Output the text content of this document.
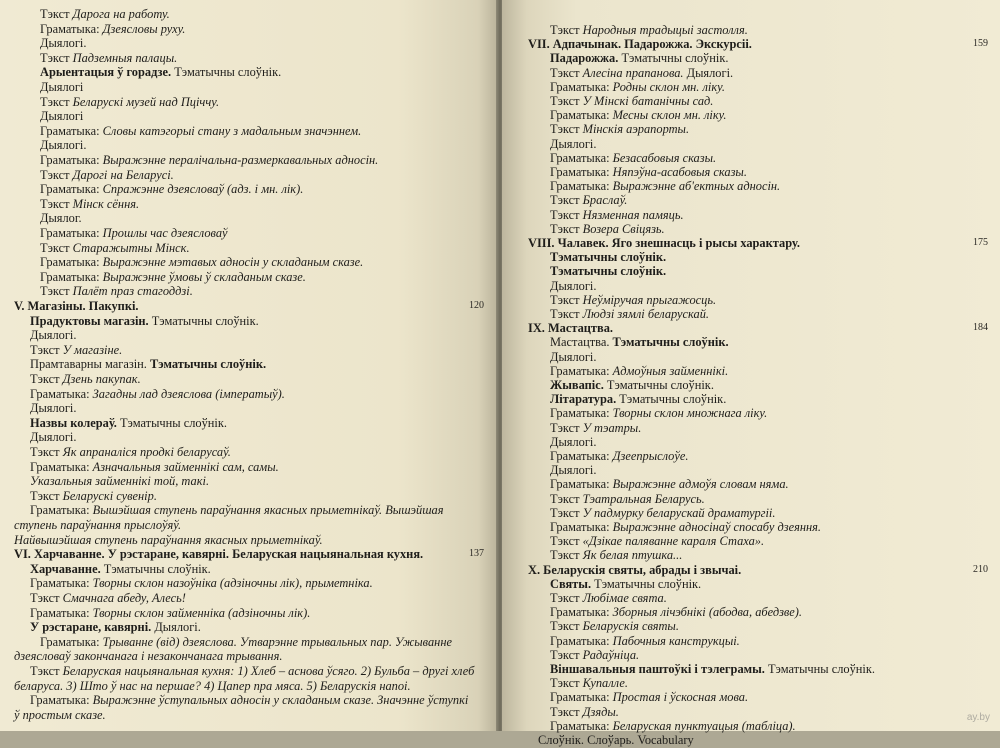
Тэкст Дарога на работу.
Граматыка: Дзеясловы руху.
Дыялогі.
Тэкст Падземныя палацы.
Арыентацыя ў горадзе. Тэматычны слоўнік.
Дыялогі
Тэкст Беларускі музей над Пціччу.
Дыялогі
Граматыка: Словы катэгорыі стану з мадальным значэннем.
Дыялогі.
Граматыка: Выражэнне пералічальна-размеркавальных адносін.
Тэкст Дарогі на Беларусі.
Граматыка: Спражэнне дзеясловаў (адз. і мн. лік).
Тэкст Мінск сёння.
Дыялог.
Граматыка: Прошлы час дзеясловаў
Тэкст Старажытны Мінск.
Граматыка: Выражэнне мэтавых адносін у складаным сказе.
Граматыка: Выражэнне ўмовы ў складаным сказе.
Тэкст Палёт праз стагоддзі.
V. Магазіны. Пакупкі.	120
Прадуктовы магазін. Тэматычны слоўнік.
Дыялогі.
Тэкст У магазіне.
Прамтаварны магазін. Тэматычны слоўнік.
Тэкст Дзень пакупак.
Граматыка: Загадны лад дзеяслова (імператыў).
Дыялогі.
Назвы колераў. Тэматычны слоўнік.
Дыялогі.
Тэкст Як апраналіся продкі беларусаў.
Граматыка: Азначальныя займеннікі сам, самы.
Указальныя займеннікі той, такі.
Тэкст Беларускі сувенір.
Граматыка: Вышэйшая ступень параўнання якасных прыметнікаў. Вышэйшая
ступень параўнання прыслоўяў.
Найвышэйшая ступень параўнання якасных прыметнікаў.
VI. Харчаванне. У рэстаране, кавярні. Беларуская нацыянальная кухня.	137
Харчаванне. Тэматычны слоўнік.
Граматыка: Творны склон назоўніка (адзіночны лік), прыметніка.
Тэкст Смачнага абеду, Алесь!
Граматыка: Творны склон займенніка (адзіночны лік).
У рэстаране, кавярні. Дыялогі.
Граматыка: Трыванне (від) дзеяслова. Утварэнне трывальных пар. Ужыванне
дзеясловаў закончанага і незакончанага трывання.
Тэкст Беларуская нацыянальная кухня: 1) Хлеб – аснова ўсяго. 2) Бульба – другі хлеб
беларуса. 3) Што ў нас на першае? 4) Цапер пра мяса. 5) Беларускія напоі.
Граматыка: Выражэнне ўступальных адносін у складаным сказе. Значэнне ўступкі
ў простым сказе.
Тэкст Народныя традыцыі застолля.
VII. Адпачынак. Падарожжа. Экскурсіі.	159
Падарожжа. Тэматычны слоўнік.
Тэкст Алесіна прапанова. Дыялогі.
Граматыка: Родны склон мн. ліку.
Тэкст У Мінскі батанічны сад.
Граматыка: Месны склон мн. ліку.
Тэкст Мінскія аэрапорты.
Дыялогі.
Граматыка: Безасабовыя сказы.
Граматыка: Няпэўна-асабовыя сказы.
Граматыка: Выражэнне аб'ектных адносін.
Тэкст Браслаў.
Тэкст Нязменная памяць.
Тэкст Возера Свіцязь.
VIII. Чалавек. Яго знешнасць і рысы характару.	175
Тэматычны слоўнік.
Тэматычны слоўнік.
Дыялогі.
Тэкст Неўміручая прыгажосць.
Тэкст Людзі зямлі беларускай.
IX. Мастацтва.	184
Мастацтва. Тэматычны слоўнік.
Дыялогі.
Граматыка: Адмоўныя займеннікі.
Жывапіс. Тэматычны слоўнік.
Літаратура. Тэматычны слоўнік.
Граматыка: Творны склон множнага ліку.
Тэкст У тэатры.
Дыялогі.
Граматыка: Дзеепрыслоўе.
Дыялогі.
Граматыка: Выражэнне адмоўя словам няма.
Тэкст Тэатральная Беларусь.
Тэкст У падмурку беларускай драматургіі.
Граматыка: Выражэнне адносінаў спосабу дзеяння.
Тэкст «Дзікае паляванне караля Стаха».
Тэкст Як белая птушка...
X. Беларускія святы, абрады і звычаі.	210
Святы. Тэматычны слоўнік.
Тэкст Любімае свята.
Граматыка: Зборныя лічэбнікі (абодва, абедзве).
Тэкст Беларускія святы.
Граматыка: Пабочныя канструкцыі.
Тэкст Радаўніца.
Віншавальныя паштоўкі і тэлеграмы. Тэматычны слоўнік.
Тэкст Купалле.
Граматыка: Простая і ўскосная мова.
Тэкст Дзяды.
Граматыка: Беларуская пунктуацыя (табліца).
Слоўнік. Слоўарь. Vocabulary
ay.by
